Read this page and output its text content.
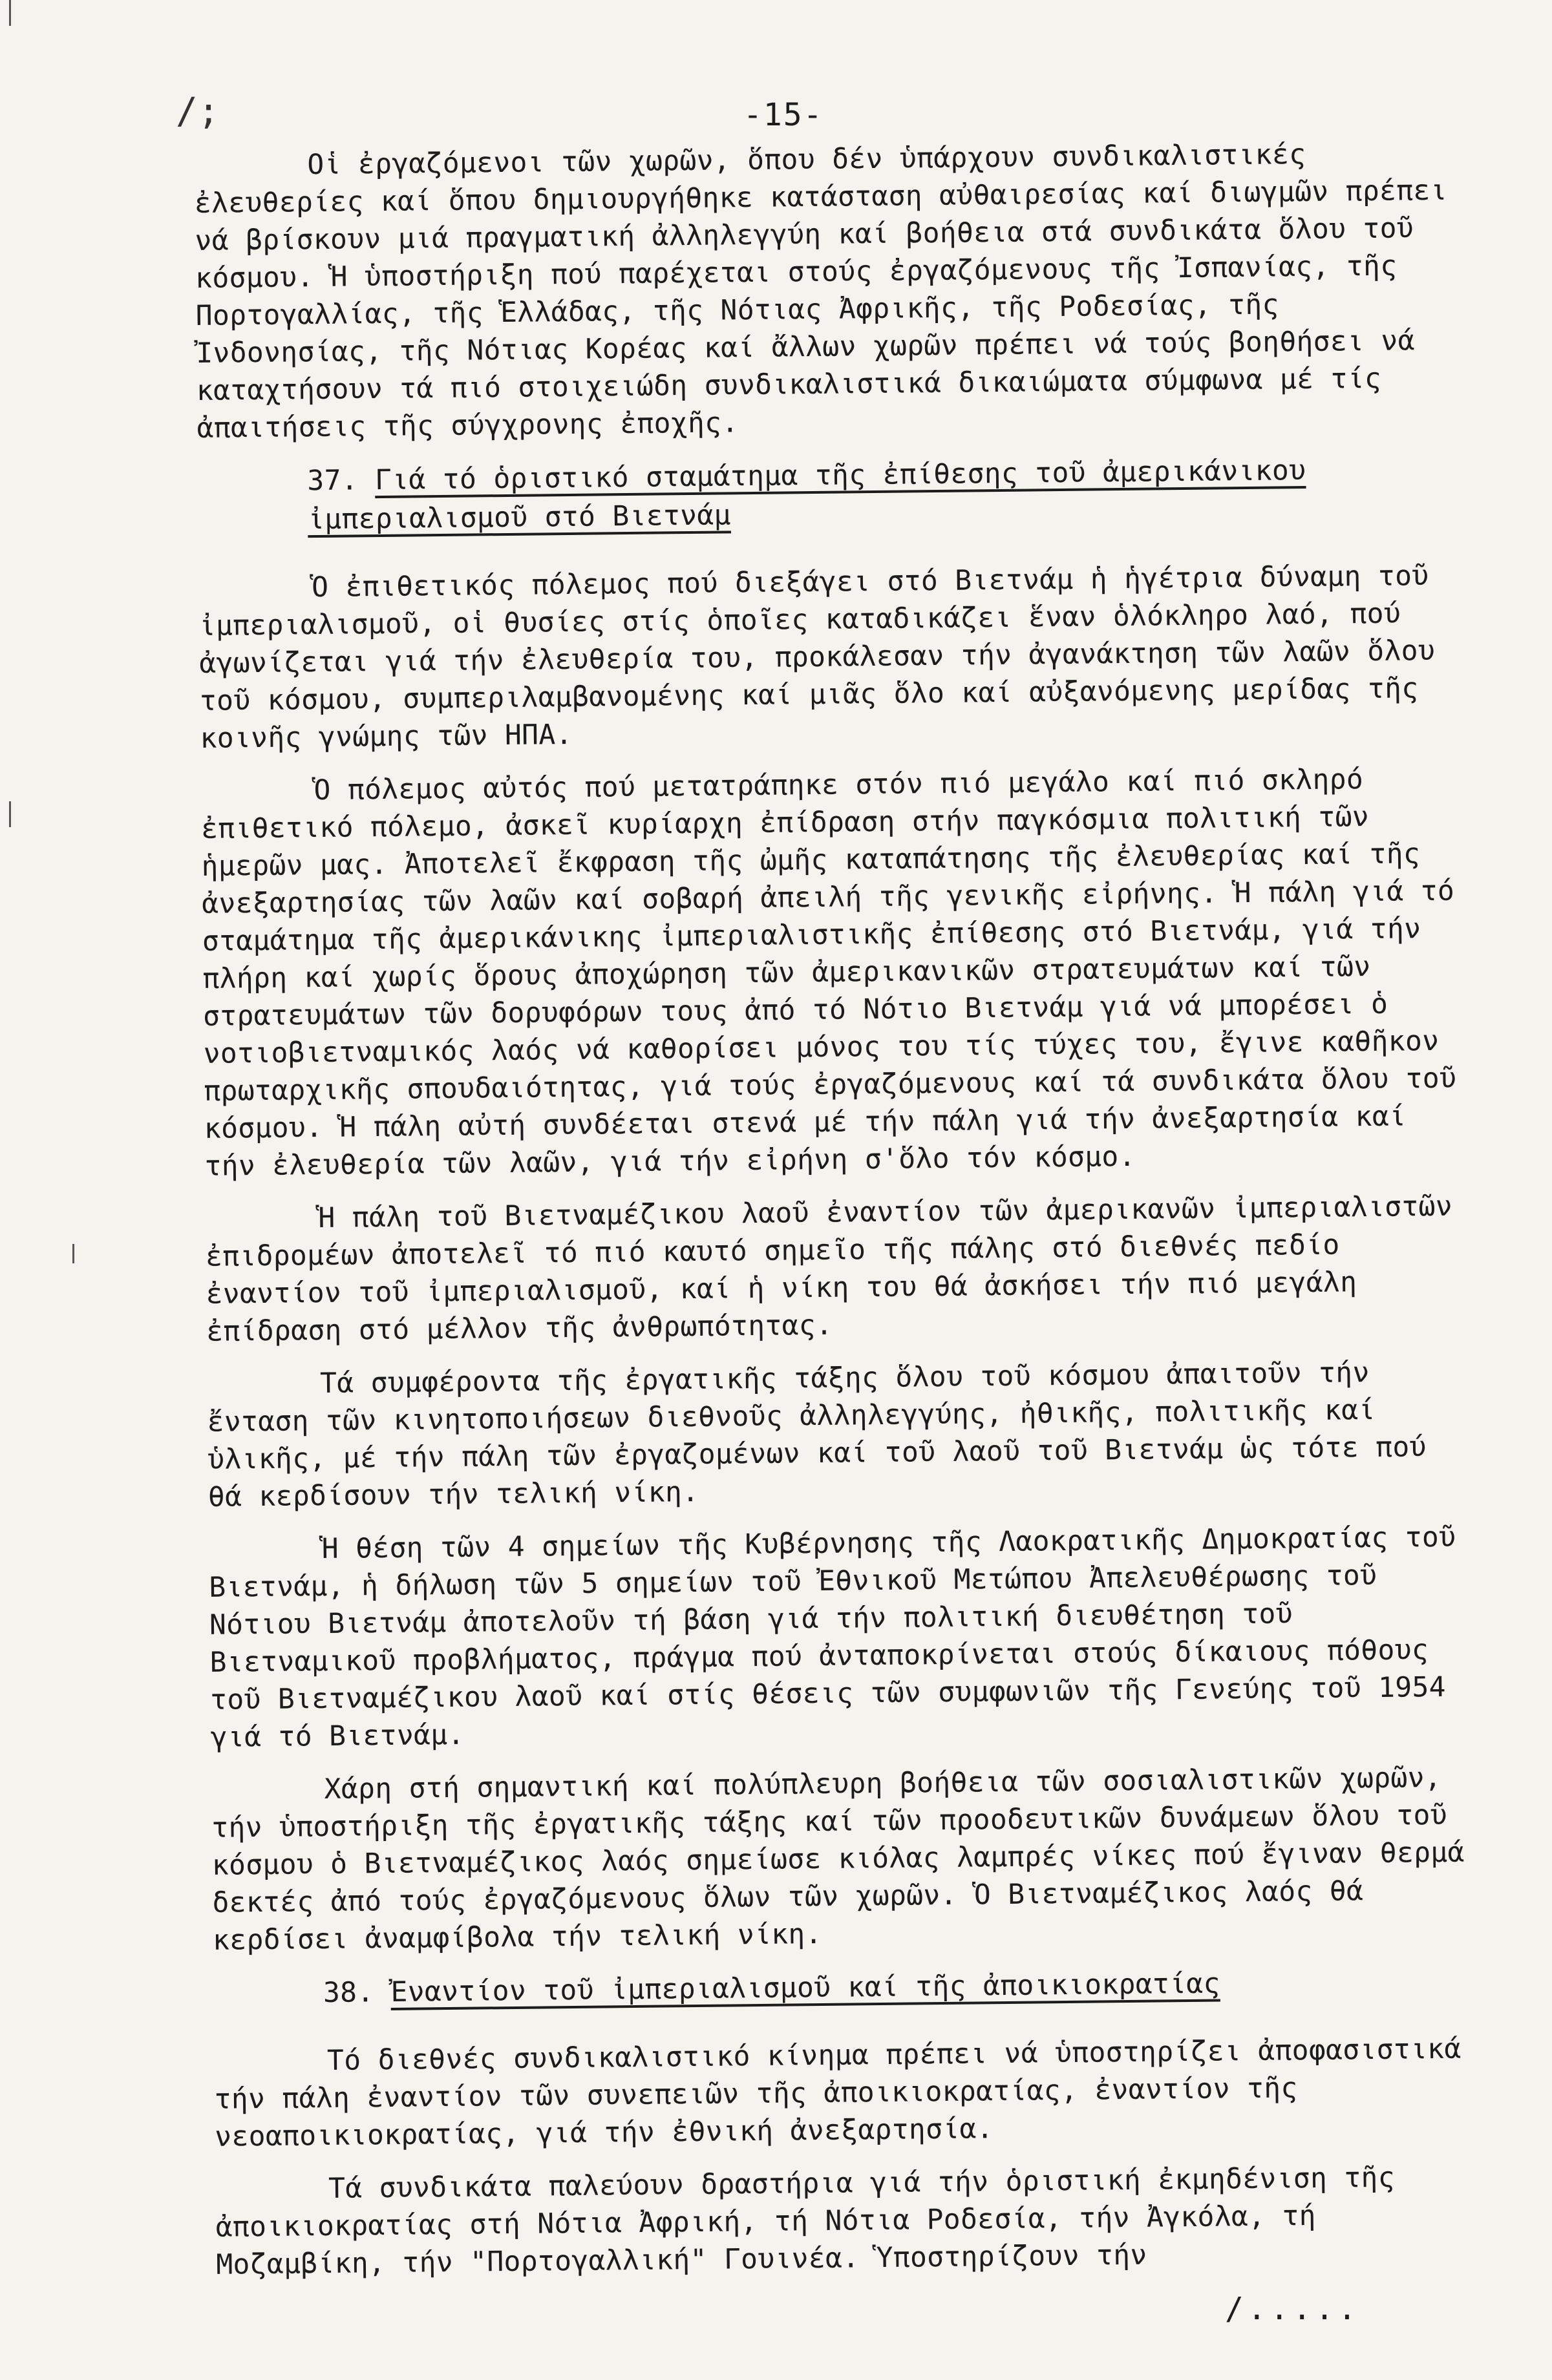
/;	-15-

Οἱ ἐργαζόμενοι τῶν χωρῶν, ὅπου δέν ὑπάρχουν συνδικαλιστικές ἐλευθερίες καί ὅπου δημιουργήθηκε κατάσταση αὐθαιρεσίας καί διωγμῶν πρέπει νά βρίσκουν μιά πραγματική ἀλληλεγγύη καί βοήθεια στά συνδικάτα ὅλου τοῦ κόσμου. Ἡ ὑποστήριξη πού παρέχεται στούς ἐργαζόμενους τῆς Ἰσπανίας, τῆς Πορτογαλλίας, τῆς Ἑλλάδας, τῆς Νότιας Ἀφρικῆς, τῆς Ροδεσίας, τῆς Ἰνδονησίας, τῆς Νότιας Κορέας καί ἄλλων χωρῶν πρέπει νά τούς βοηθήσει νά καταχτήσουν τά πιό στοιχειώδη συνδικαλιστικά δικαιώματα σύμφωνα μέ τίς ἀπαιτήσεις τῆς σύγχρονης ἐποχῆς.

37. Γιά τό ὁριστικό σταμάτημα τῆς ἐπίθεσης τοῦ ἀμερικάνικου ἰμπεριαλισμοῦ στό Βιετνάμ

Ὁ ἐπιθετικός πόλεμος πού διεξάγει στό Βιετνάμ ἡ ἡγέτρια δύναμη τοῦ ἰμπεριαλισμοῦ, οἱ θυσίες στίς ὁποῖες καταδικάζει ἕναν ὁλόκληρο λαό, πού ἀγωνίζεται γιά τήν ἐλευθερία του, προκάλεσαν τήν ἀγανάκτηση τῶν λαῶν ὅλου τοῦ κόσμου, συμπεριλαμβανομένης καί μιᾶς ὅλο καί αὐξανόμενης μερίδας τῆς κοινῆς γνώμης τῶν ΗΠΑ.

Ὁ πόλεμος αὐτός πού μετατράπηκε στόν πιό μεγάλο καί πιό σκληρό ἐπιθετικό πόλεμο, ἀσκεῖ κυρίαρχη ἐπίδραση στήν παγκόσμια πολιτική τῶν ἡμερῶν μας. Ἀποτελεῖ ἔκφραση τῆς ὠμῆς καταπάτησης τῆς ἐλευθερίας καί τῆς ἀνεξαρτησίας τῶν λαῶν καί σοβαρή ἀπειλή τῆς γενικῆς εἰρήνης. Ἡ πάλη γιά τό σταμάτημα τῆς ἀμερικάνικης ἰμπεριαλιστικῆς ἐπίθεσης στό Βιετνάμ, γιά τήν πλήρη καί χωρίς ὅρους ἀποχώρηση τῶν ἀμερικανικῶν στρατευμάτων καί τῶν στρατευμάτων τῶν δορυφόρων τους ἀπό τό Νότιο Βιετνάμ γιά νά μπορέσει ὁ νοτιοβιετναμικός λαός νά καθορίσει μόνος του τίς τύχες του, ἔγινε καθῆκον πρωταρχικῆς σπουδαιότητας, γιά τούς ἐργαζόμενους καί τά συνδικάτα ὅλου τοῦ κόσμου. Ἡ πάλη αὐτή συνδέεται στενά μέ τήν πάλη γιά τήν ἀνεξαρτησία καί τήν ἐλευθερία τῶν λαῶν, γιά τήν εἰρήνη σ'ὅλο τόν κόσμο.

Ἡ πάλη τοῦ Βιετναμέζικου λαοῦ ἐναντίον τῶν ἀμερικανῶν ἰμπεριαλιστῶν ἐπιδρομέων ἀποτελεῖ τό πιό καυτό σημεῖο τῆς πάλης στό διεθνές πεδίο ἐναντίον τοῦ ἰμπεριαλισμοῦ, καί ἡ νίκη του θά ἀσκήσει τήν πιό μεγάλη ἐπίδραση στό μέλλον τῆς ἀνθρωπότητας.

Τά συμφέροντα τῆς ἐργατικῆς τάξης ὅλου τοῦ κόσμου ἀπαιτοῦν τήν ἔνταση τῶν κινητοποιήσεων διεθνοῦς ἀλληλεγγύης, ἠθικῆς, πολιτικῆς καί ὑλικῆς, μέ τήν πάλη τῶν ἐργαζομένων καί τοῦ λαοῦ τοῦ Βιετνάμ ὡς τότε πού θά κερδίσουν τήν τελική νίκη.

Ἡ θέση τῶν 4 σημείων τῆς Κυβέρνησης τῆς Λαοκρατικῆς Δημοκρατίας τοῦ Βιετνάμ, ἡ δήλωση τῶν 5 σημείων τοῦ Ἐθνικοῦ Μετώπου Ἀπελευθέρωσης τοῦ Νότιου Βιετνάμ ἀποτελοῦν τή βάση γιά τήν πολιτική διευθέτηση τοῦ Βιετναμικοῦ προβλήματος, πράγμα πού ἀνταποκρίνεται στούς δίκαιους πόθους τοῦ Βιετναμέζικου λαοῦ καί στίς θέσεις τῶν συμφωνιῶν τῆς Γενεύης τοῦ 1954 γιά τό Βιετνάμ.

Χάρη στή σημαντική καί πολύπλευρη βοήθεια τῶν σοσιαλιστικῶν χωρῶν, τήν ὑποστήριξη τῆς ἐργατικῆς τάξης καί τῶν προοδευτικῶν δυνάμεων ὅλου τοῦ κόσμου ὁ Βιετναμέζικος λαός σημείωσε κιόλας λαμπρές νίκες πού ἔγιναν θερμά δεκτές ἀπό τούς ἐργαζόμενους ὅλων τῶν χωρῶν. Ὁ Βιετναμέζικος λαός θά κερδίσει ἀναμφίβολα τήν τελική νίκη.

38. Ἐναντίον τοῦ ἰμπεριαλισμοῦ καί τῆς ἀποικιοκρατίας

Τό διεθνές συνδικαλιστικό κίνημα πρέπει νά ὑποστηρίζει ἀποφασιστικά τήν πάλη ἐναντίον τῶν συνεπειῶν τῆς ἀποικιοκρατίας, ἐναντίον τῆς νεοαποικιοκρατίας, γιά τήν ἐθνική ἀνεξαρτησία.

Τά συνδικάτα παλεύουν δραστήρια γιά τήν ὁριστική ἐκμηδένιση τῆς ἀποικιοκρατίας στή Νότια Ἀφρική, τή Νότια Ροδεσία, τήν Ἀγκόλα, τή Μοζαμβίκη, τήν "Πορτογαλλική" Γουινέα. Ὑποστηρίζουν τήν

/.....
